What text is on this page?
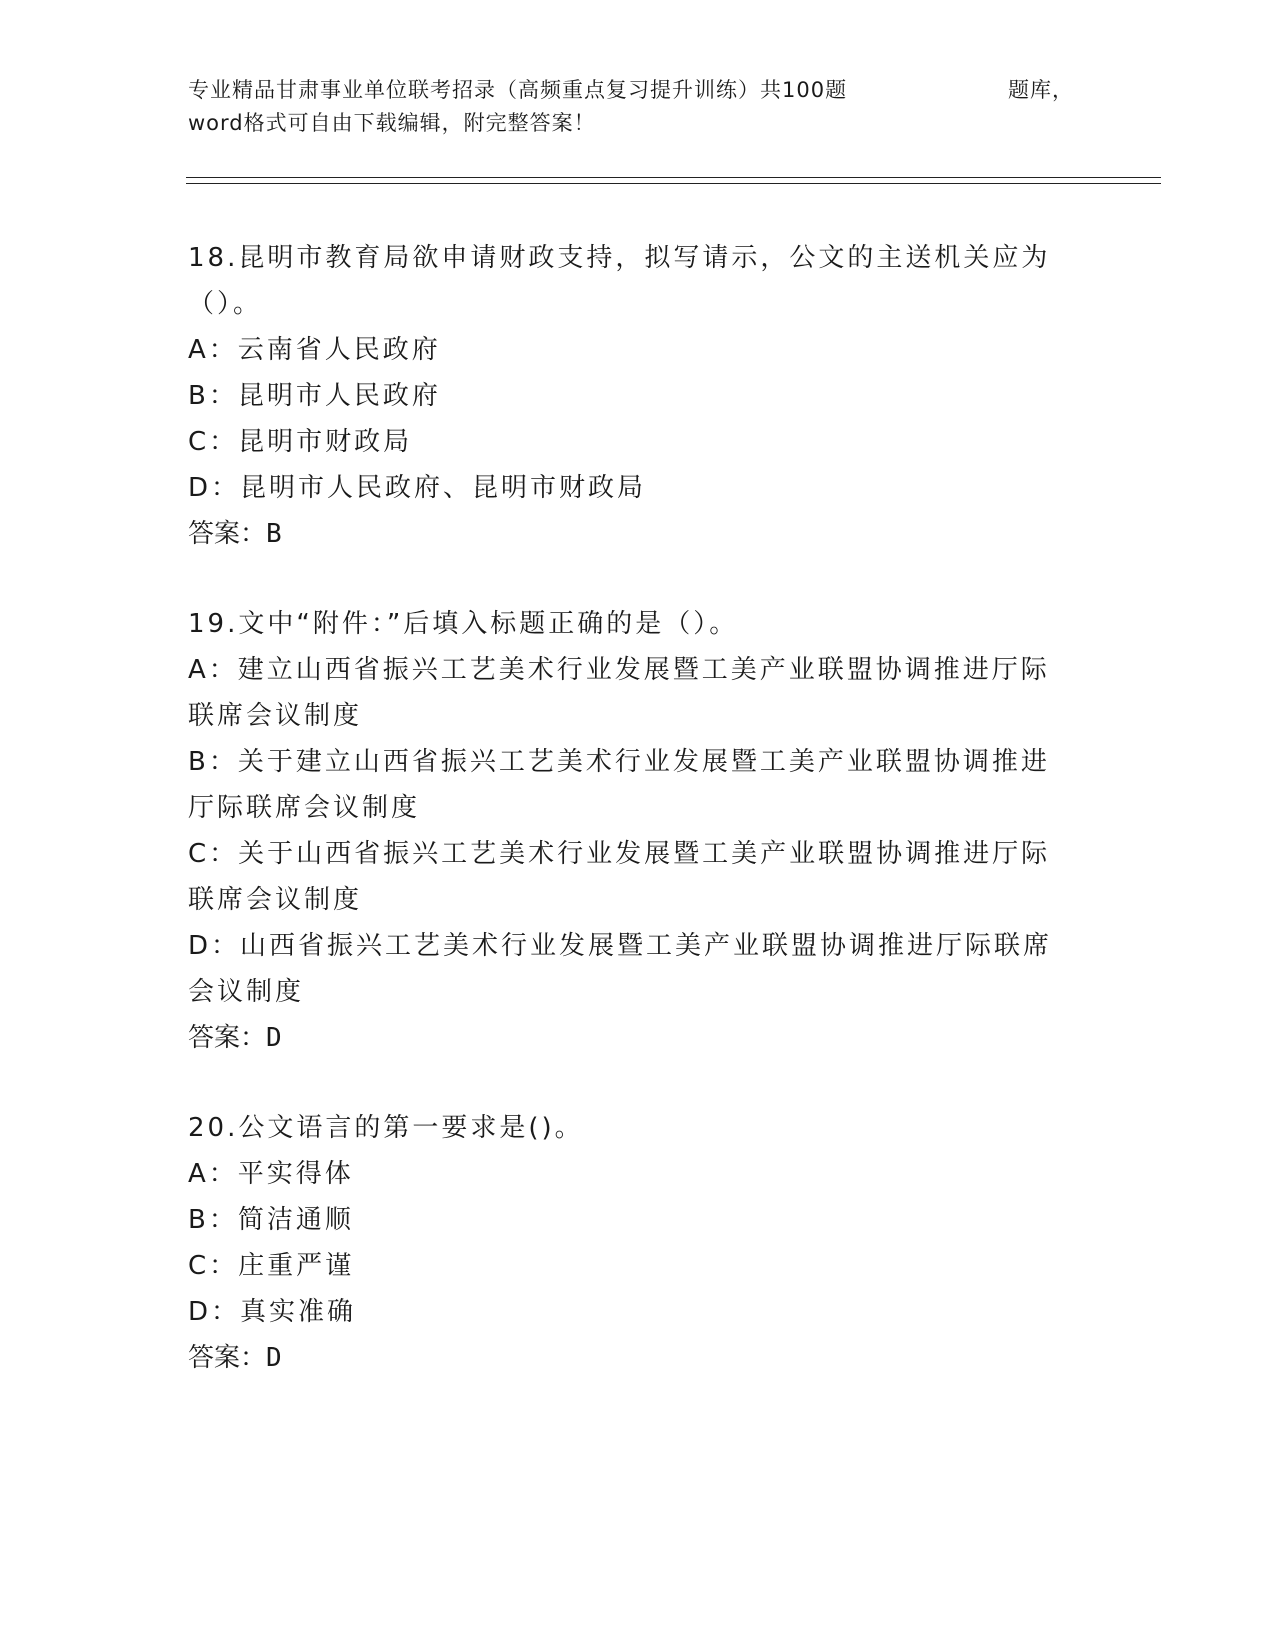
专业精品甘肃事业单位联考招录（高频重点复习提升训练）共100题	题库，
word格式可自由下载编辑，附完整答案！
18.昆明市教育局欲申请财政支持，拟写请示，公文的主送机关应为（）。
A：云南省人民政府
B：昆明市人民政府
C：昆明市财政局
D：昆明市人民政府、昆明市财政局
答案：B
19.文中“附件：”后填入标题正确的是（）。
A：建立山西省振兴工艺美术行业发展暨工美产业联盟协调推进厅际联席会议制度
B：关于建立山西省振兴工艺美术行业发展暨工美产业联盟协调推进厅际联席会议制度
C：关于山西省振兴工艺美术行业发展暨工美产业联盟协调推进厅际联席会议制度
D：山西省振兴工艺美术行业发展暨工美产业联盟协调推进厅际联席会议制度
答案：D
20.公文语言的第一要求是()。
A：平实得体
B：简洁通顺
C：庄重严谨
D：真实准确
答案：D
